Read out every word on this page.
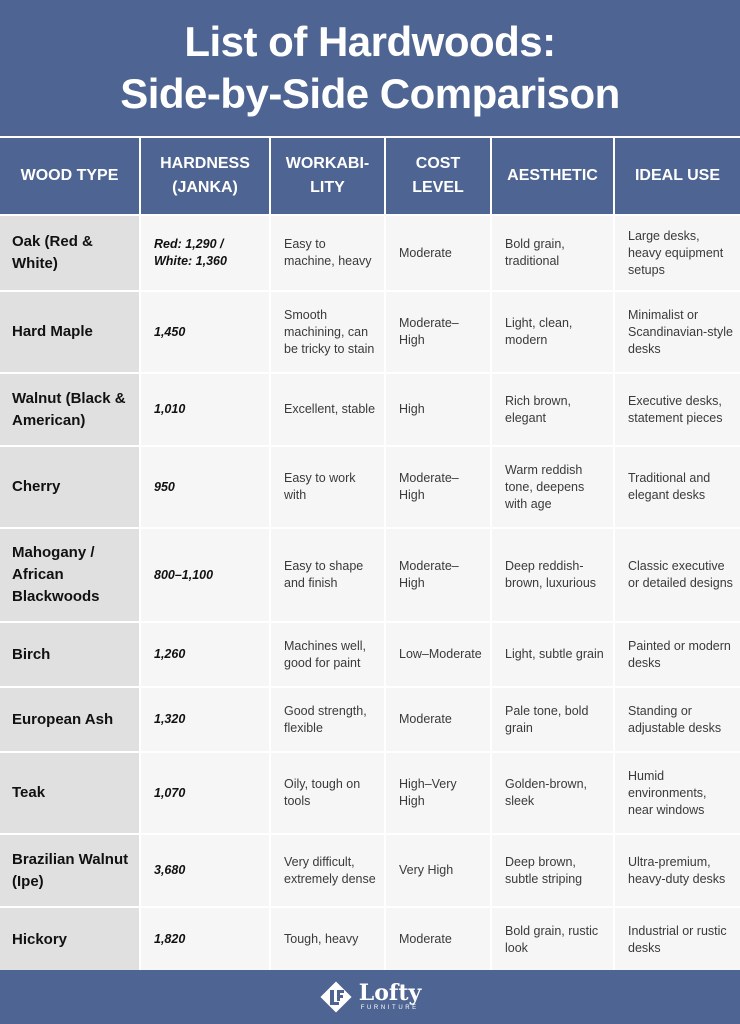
List of Hardwoods:
Side-by-Side Comparison
WOOD TYPE	HARDNESS (JANKA)	WORKABI-LITY	COST LEVEL	AESTHETIC	IDEAL USE
Oak (Red & White)	Red: 1,290 / White: 1,360	Easy to machine, heavy	Moderate	Bold grain, traditional	Large desks, heavy equipment setups
Hard Maple	1,450	Smooth machining, can be tricky to stain	Moderate–High	Light, clean, modern	Minimalist or Scandinavian-style desks
Walnut (Black & American)	1,010	Excellent, stable	High	Rich brown, elegant	Executive desks, statement pieces
Cherry	950	Easy to work with	Moderate–High	Warm reddish tone, deepens with age	Traditional and elegant desks
Mahogany / African Blackwoods	800–1,100	Easy to shape and finish	Moderate–High	Deep reddish-brown, luxurious	Classic executive or detailed designs
Birch	1,260	Machines well, good for paint	Low–Moderate	Light, subtle grain	Painted or modern desks
European Ash	1,320	Good strength, flexible	Moderate	Pale tone, bold grain	Standing or adjustable desks
Teak	1,070	Oily, tough on tools	High–Very High	Golden-brown, sleek	Humid environments, near windows
Brazilian Walnut (Ipe)	3,680	Very difficult, extremely dense	Very High	Deep brown, subtle striping	Ultra-premium, heavy-duty desks
Hickory	1,820	Tough, heavy	Moderate	Bold grain, rustic look	Industrial or rustic desks
Lofty
FURNITURE
